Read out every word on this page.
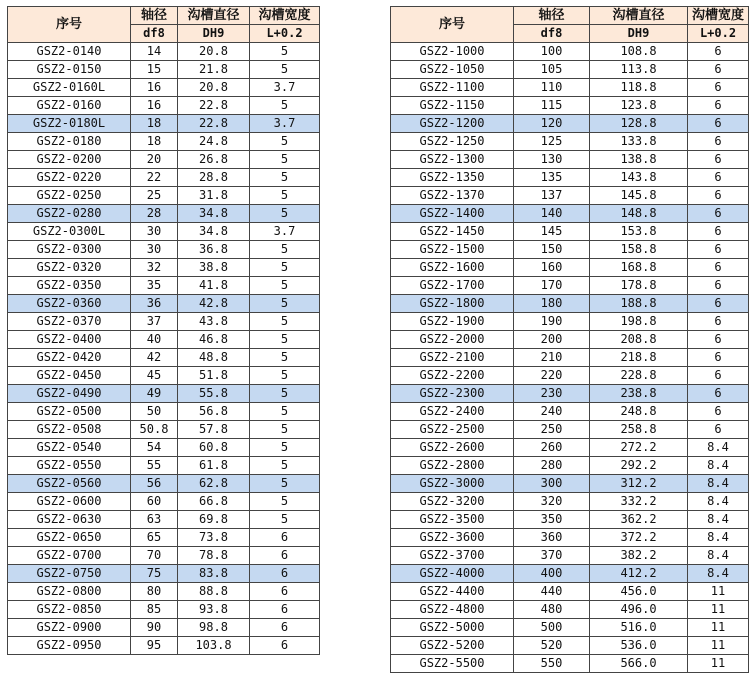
序号	轴径	沟槽直径	沟槽宽度
	df8	DH9	L+0.2
GSZ2-0140	14	20.8	5
GSZ2-0150	15	21.8	5
GSZ2-0160L	16	20.8	3.7
GSZ2-0160	16	22.8	5
GSZ2-0180L	18	22.8	3.7
GSZ2-0180	18	24.8	5
GSZ2-0200	20	26.8	5
GSZ2-0220	22	28.8	5
GSZ2-0250	25	31.8	5
GSZ2-0280	28	34.8	5
GSZ2-0300L	30	34.8	3.7
GSZ2-0300	30	36.8	5
GSZ2-0320	32	38.8	5
GSZ2-0350	35	41.8	5
GSZ2-0360	36	42.8	5
GSZ2-0370	37	43.8	5
GSZ2-0400	40	46.8	5
GSZ2-0420	42	48.8	5
GSZ2-0450	45	51.8	5
GSZ2-0490	49	55.8	5
GSZ2-0500	50	56.8	5
GSZ2-0508	50.8	57.8	5
GSZ2-0540	54	60.8	5
GSZ2-0550	55	61.8	5
GSZ2-0560	56	62.8	5
GSZ2-0600	60	66.8	5
GSZ2-0630	63	69.8	5
GSZ2-0650	65	73.8	6
GSZ2-0700	70	78.8	6
GSZ2-0750	75	83.8	6
GSZ2-0800	80	88.8	6
GSZ2-0850	85	93.8	6
GSZ2-0900	90	98.8	6
GSZ2-0950	95	103.8	6
序号	轴径	沟槽直径	沟槽宽度
	df8	DH9	L+0.2
GSZ2-1000	100	108.8	6
GSZ2-1050	105	113.8	6
GSZ2-1100	110	118.8	6
GSZ2-1150	115	123.8	6
GSZ2-1200	120	128.8	6
GSZ2-1250	125	133.8	6
GSZ2-1300	130	138.8	6
GSZ2-1350	135	143.8	6
GSZ2-1370	137	145.8	6
GSZ2-1400	140	148.8	6
GSZ2-1450	145	153.8	6
GSZ2-1500	150	158.8	6
GSZ2-1600	160	168.8	6
GSZ2-1700	170	178.8	6
GSZ2-1800	180	188.8	6
GSZ2-1900	190	198.8	6
GSZ2-2000	200	208.8	6
GSZ2-2100	210	218.8	6
GSZ2-2200	220	228.8	6
GSZ2-2300	230	238.8	6
GSZ2-2400	240	248.8	6
GSZ2-2500	250	258.8	6
GSZ2-2600	260	272.2	8.4
GSZ2-2800	280	292.2	8.4
GSZ2-3000	300	312.2	8.4
GSZ2-3200	320	332.2	8.4
GSZ2-3500	350	362.2	8.4
GSZ2-3600	360	372.2	8.4
GSZ2-3700	370	382.2	8.4
GSZ2-4000	400	412.2	8.4
GSZ2-4400	440	456.0	11
GSZ2-4800	480	496.0	11
GSZ2-5000	500	516.0	11
GSZ2-5200	520	536.0	11
GSZ2-5500	550	566.0	11
